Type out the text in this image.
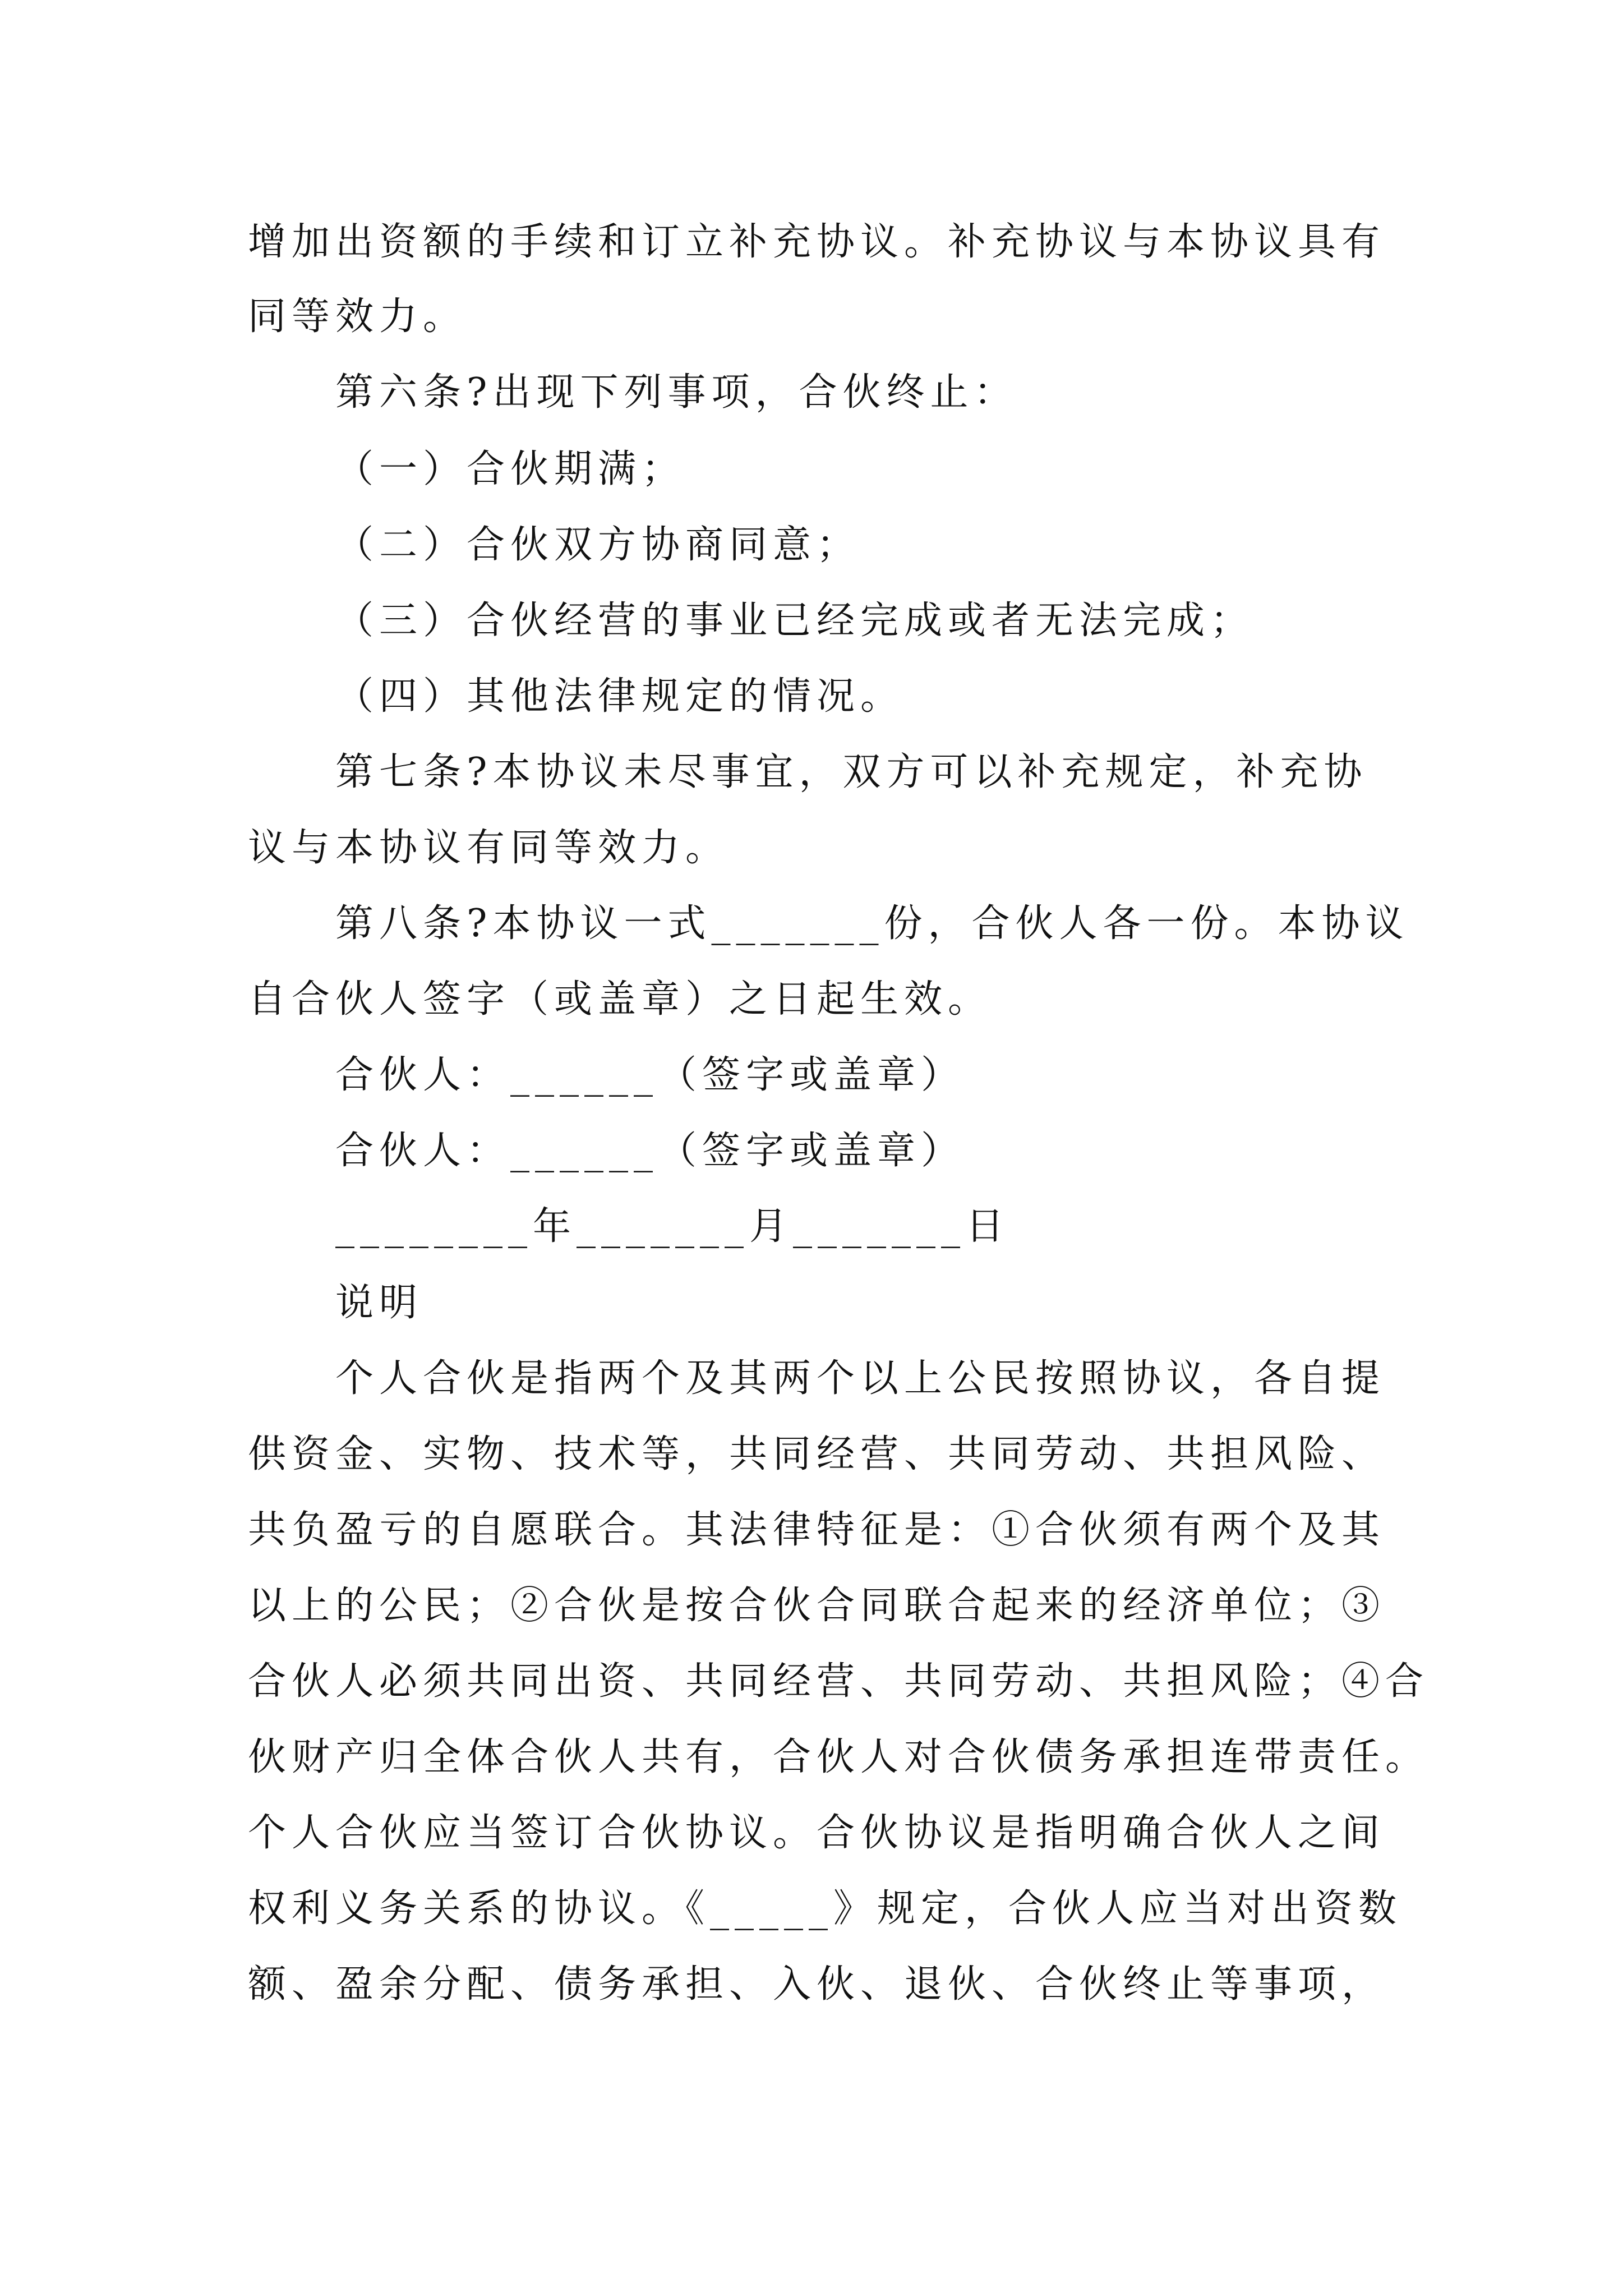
增加出资额的手续和订立补充协议。补充协议与本协议具有
同等效力。
第六条?出现下列事项，合伙终止：
（一）合伙期满；
（二）合伙双方协商同意；
（三）合伙经营的事业已经完成或者无法完成；
（四）其他法律规定的情况。
第七条?本协议未尽事宜，双方可以补充规定，补充协
议与本协议有同等效力。
第八条?本协议一式_______份，合伙人各一份。本协议
自合伙人签字（或盖章）之日起生效。
合伙人：______（签字或盖章）
合伙人：______（签字或盖章）
________年_______月_______日
说明
个人合伙是指两个及其两个以上公民按照协议，各自提
供资金、实物、技术等，共同经营、共同劳动、共担风险、
共负盈亏的自愿联合。其法律特征是：①合伙须有两个及其
以上的公民；②合伙是按合伙合同联合起来的经济单位；③
合伙人必须共同出资、共同经营、共同劳动、共担风险；④合
伙财产归全体合伙人共有，合伙人对合伙债务承担连带责任。
个人合伙应当签订合伙协议。合伙协议是指明确合伙人之间
权利义务关系的协议。《_____》规定，合伙人应当对出资数
额、盈余分配、债务承担、入伙、退伙、合伙终止等事项，
